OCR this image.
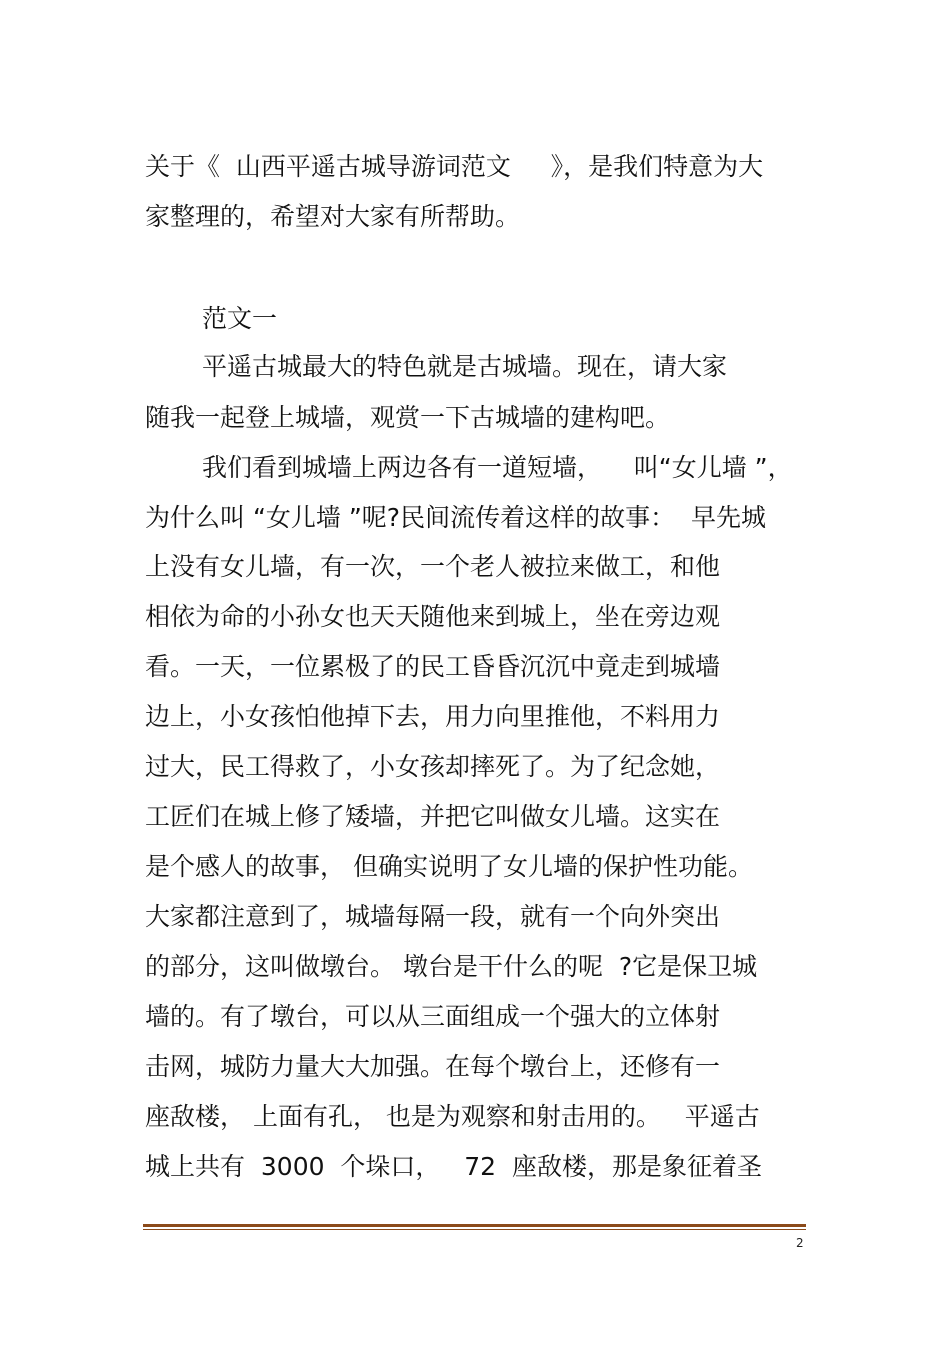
关于《  山西平遥古城导游词范文     》，是我们特意为大
家整理的，希望对大家有所帮助。
范文一
平遥古城最大的特色就是古城墙。现在，请大家
随我一起登上城墙，观赏一下古城墙的建构吧。
我们看到城墙上两边各有一道短墙，    叫“女儿墙 ”，
为什么叫 “女儿墙 ”呢?民间流传着这样的故事：  早先城
上没有女儿墙，有一次，一个老人被拉来做工，和他
相依为命的小孙女也天天随他来到城上，坐在旁边观
看。一天，一位累极了的民工昏昏沉沉中竟走到城墙
边上，小女孩怕他掉下去，用力向里推他，不料用力
过大，民工得救了，小女孩却摔死了。为了纪念她，
工匠们在城上修了矮墙，并把它叫做女儿墙。这实在
是个感人的故事， 但确实说明了女儿墙的保护性功能。
大家都注意到了，城墙每隔一段，就有一个向外突出
的部分，这叫做墩台。 墩台是干什么的呢  ?它是保卫城
墙的。有了墩台，可以从三面组成一个强大的立体射
击网，城防力量大大加强。在每个墩台上，还修有一
座敌楼， 上面有孔， 也是为观察和射击用的。   平遥古
城上共有  3000  个垛口，   72  座敌楼，那是象征着圣
2
